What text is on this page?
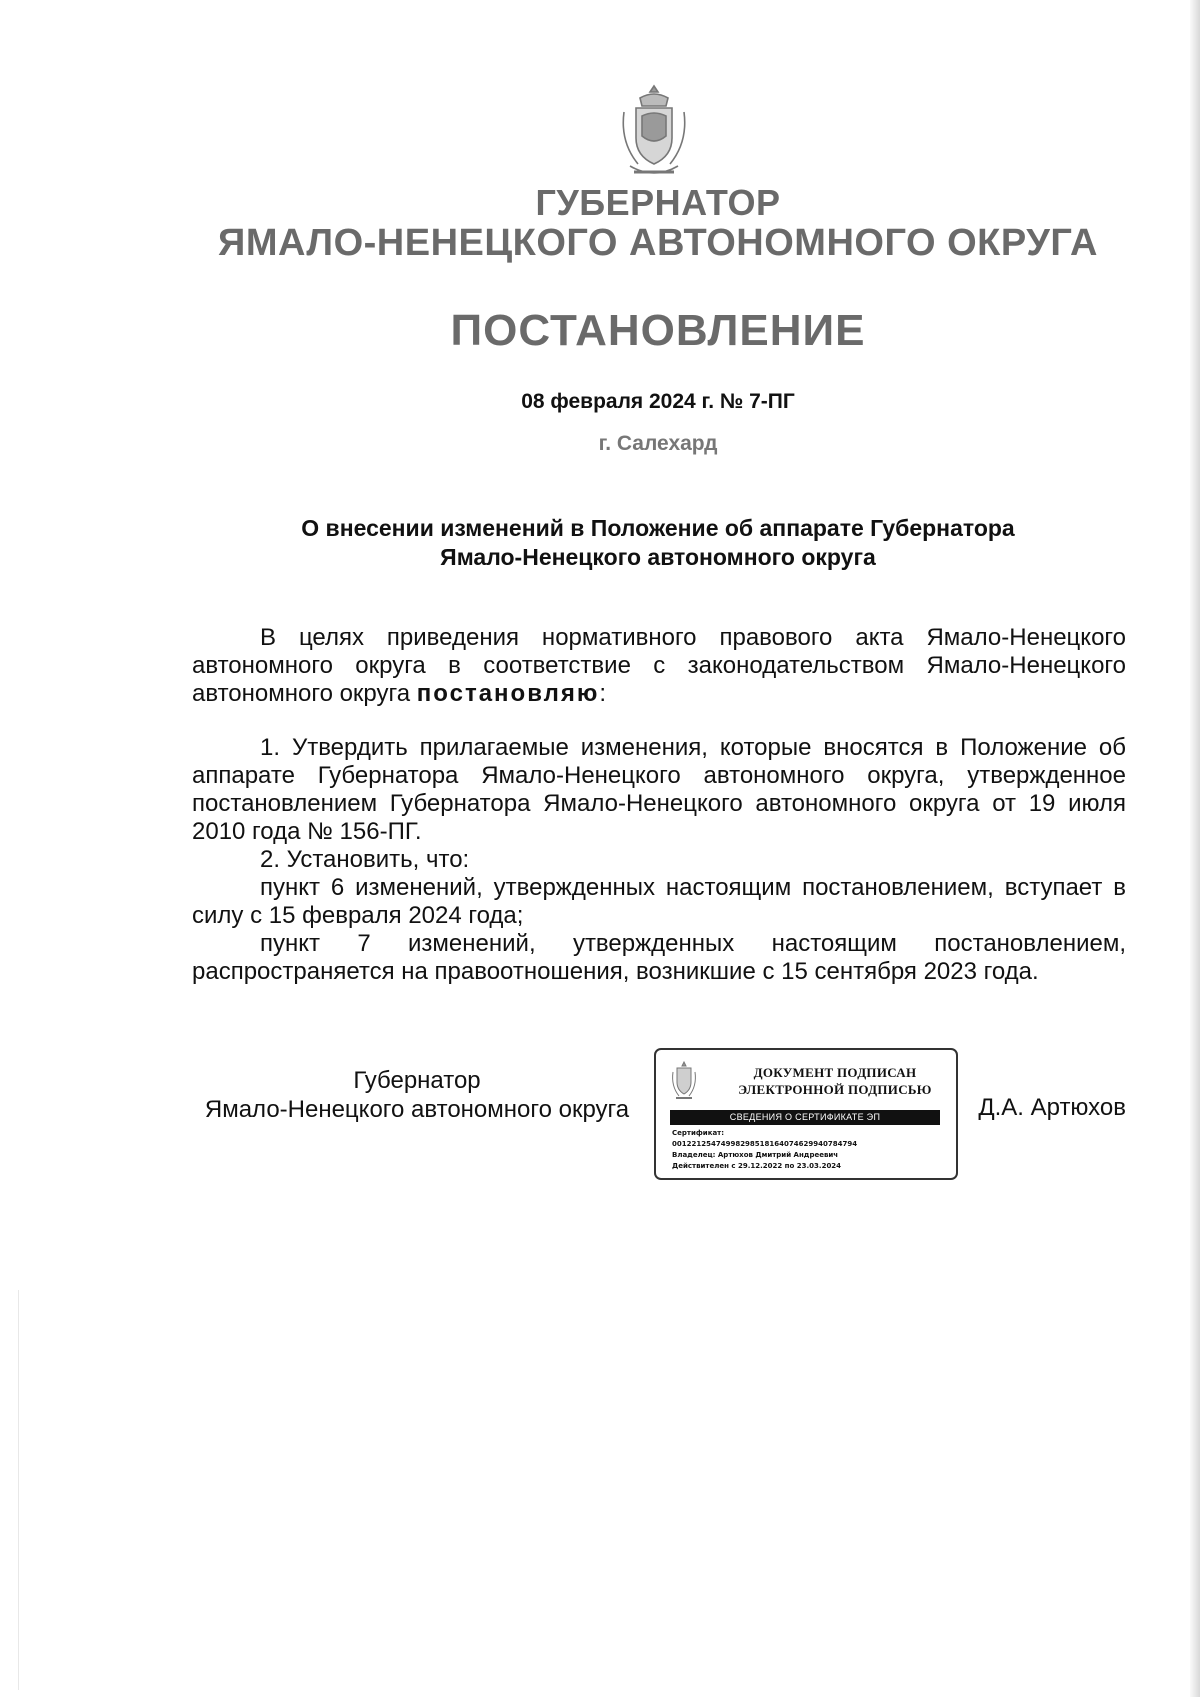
ГУБЕРНАТОР
ЯМАЛО-НЕНЕЦКОГО АВТОНОМНОГО ОКРУГА
ПОСТАНОВЛЕНИЕ
08 февраля 2024 г. № 7-ПГ
г. Салехард
О внесении изменений в Положение об аппарате Губернатора
Ямало-Ненецкого автономного округа

В целях приведения нормативного правового акта Ямало-Ненецкого автономного округа в соответствие с законодательством Ямало-Ненецкого автономного округа постановляю:

1. Утвердить прилагаемые изменения, которые вносятся в Положение об аппарате Губернатора Ямало-Ненецкого автономного округа, утвержденное постановлением Губернатора Ямало-Ненецкого автономного округа от 19 июля 2010 года № 156-ПГ.

2. Установить, что:

пункт 6 изменений, утвержденных настоящим постановлением, вступает в силу с 15 февраля 2024 года;

пункт 7 изменений, утвержденных настоящим постановлением, распространяется на правоотношения, возникшие с 15 сентября 2023 года.

Губернатор
Ямало-Ненецкого автономного округа
ДОКУМЕНТ ПОДПИСАН
ЭЛЕКТРОННОЙ ПОДПИСЬЮ
СВЕДЕНИЯ О СЕРТИФИКАТЕ ЭП
Сертификат:
00122125474998298518164074629940784794
Владелец: Артюхов Дмитрий Андреевич
Действителен с 29.12.2022 по 23.03.2024
Д.А. Артюхов
